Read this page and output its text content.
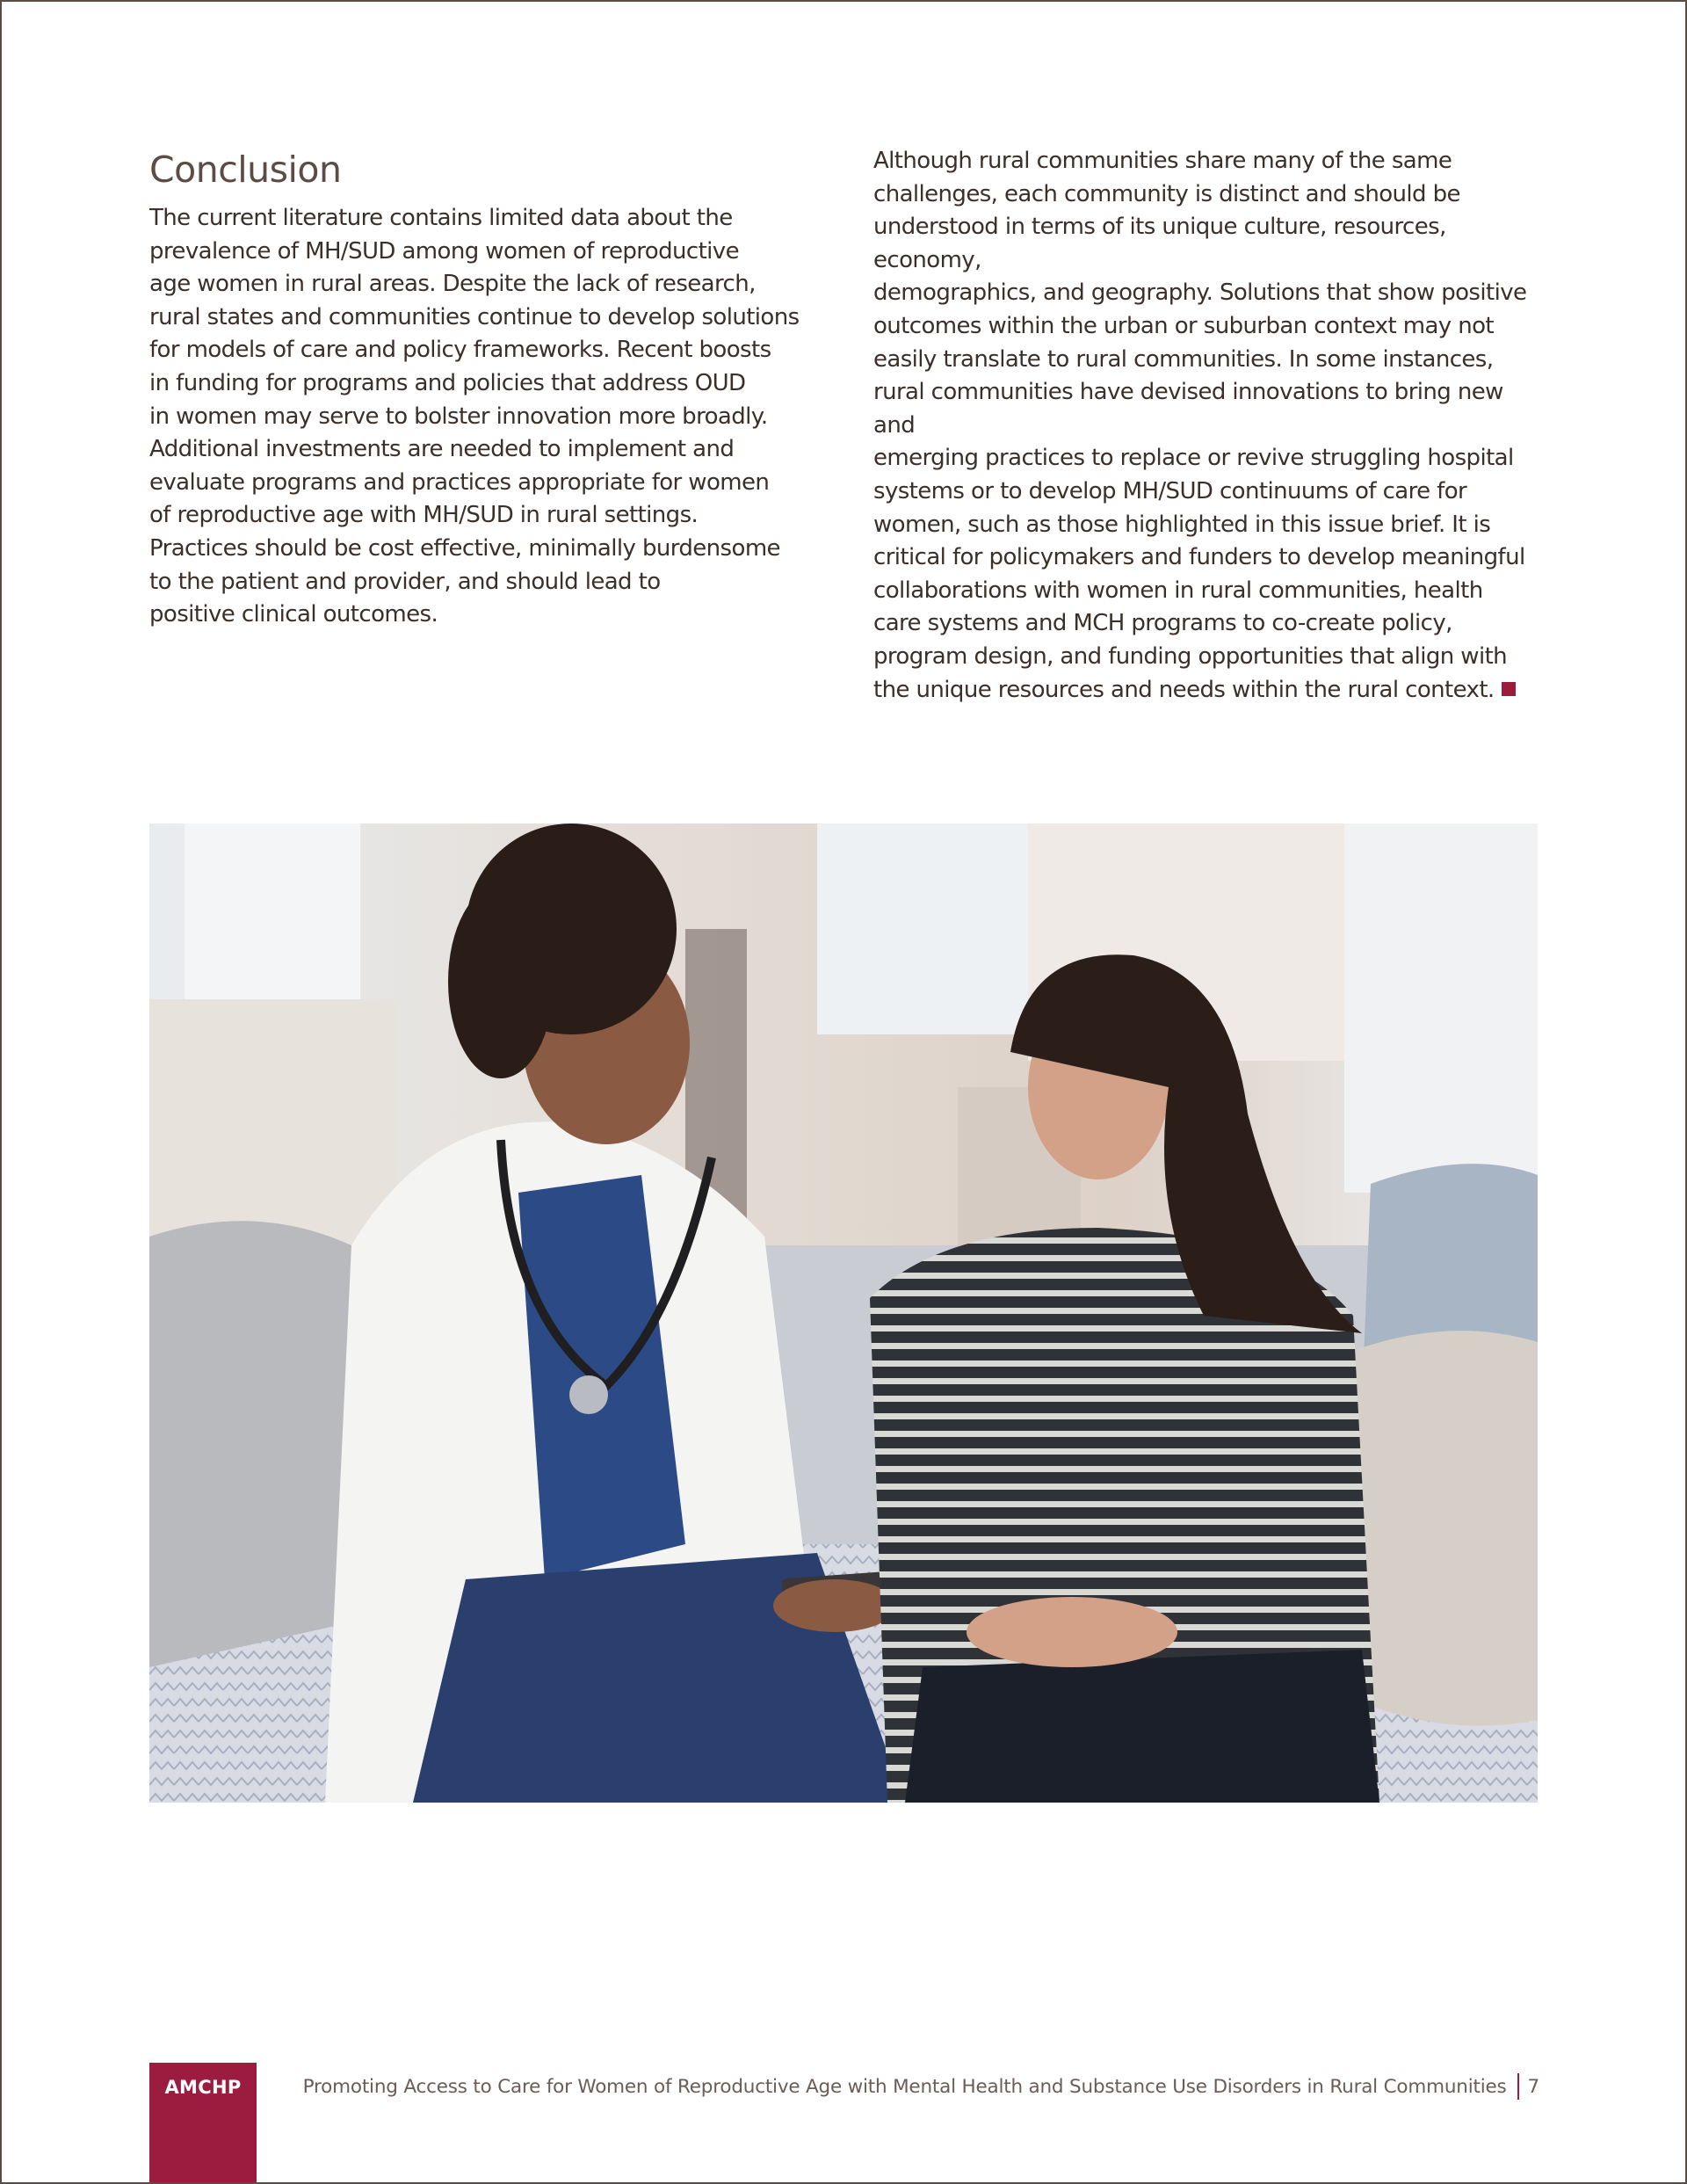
Conclusion

The current literature contains limited data about the
prevalence of MH/SUD among women of reproductive
age women in rural areas. Despite the lack of research,
rural states and communities continue to develop solutions
for models of care and policy frameworks. Recent boosts
in funding for programs and policies that address OUD
in women may serve to bolster innovation more broadly.
Additional investments are needed to implement and
evaluate programs and practices appropriate for women
of reproductive age with MH/SUD in rural settings.
Practices should be cost effective, minimally burdensome
to the patient and provider, and should lead to
positive clinical outcomes.

Although rural communities share many of the same
challenges, each community is distinct and should be
understood in terms of its unique culture, resources, economy,
demographics, and geography. Solutions that show positive
outcomes within the urban or suburban context may not
easily translate to rural communities. In some instances,
rural communities have devised innovations to bring new and
emerging practices to replace or revive struggling hospital
systems or to develop MH/SUD continuums of care for
women, such as those highlighted in this issue brief. It is
critical for policymakers and funders to develop meaningful
collaborations with women in rural communities, health
care systems and MCH programs to co-create policy,
program design, and funding opportunities that align with
the unique resources and needs within the rural context.

AMCHP	Promoting Access to Care for Women of Reproductive Age with Mental Health and Substance Use Disorders in Rural Communities 7
